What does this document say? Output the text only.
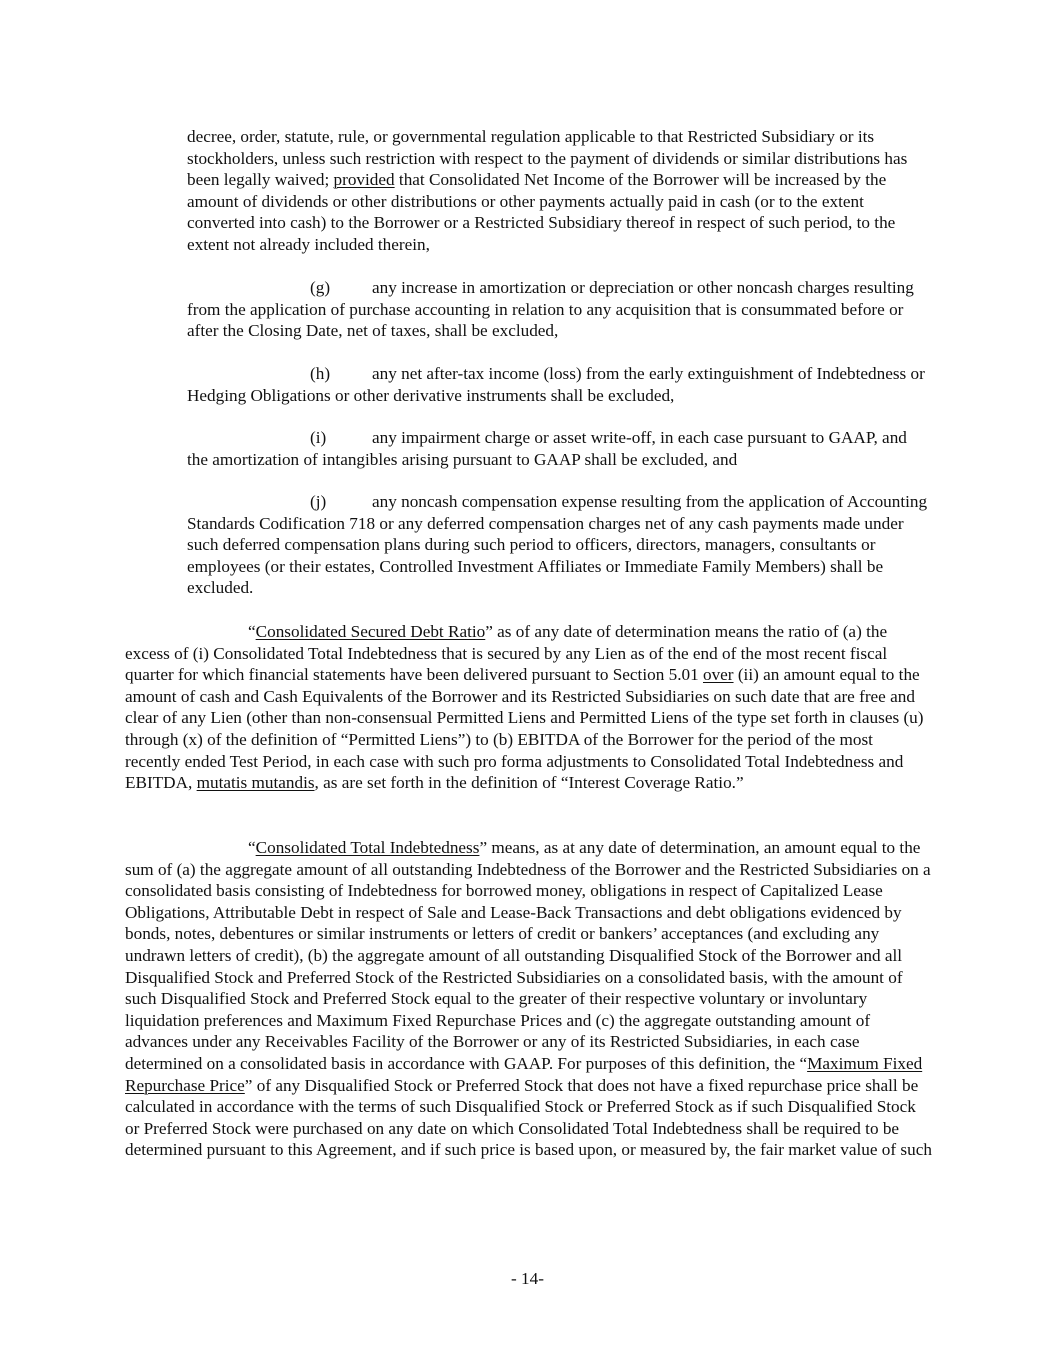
decree, order, statute, rule, or governmental regulation applicable to that Restricted Subsidiary or its stockholders, unless such restriction with respect to the payment of dividends or similar distributions has been legally waived; provided that Consolidated Net Income of the Borrower will be increased by the amount of dividends or other distributions or other payments actually paid in cash (or to the extent converted into cash) to the Borrower or a Restricted Subsidiary thereof in respect of such period, to the extent not already included therein,

(g) any increase in amortization or depreciation or other noncash charges resulting from the application of purchase accounting in relation to any acquisition that is consummated before or after the Closing Date, net of taxes, shall be excluded,

(h) any net after-tax income (loss) from the early extinguishment of Indebtedness or Hedging Obligations or other derivative instruments shall be excluded,

(i)	any impairment charge or asset write-off, in each case pursuant to GAAP, and the amortization of intangibles arising pursuant to GAAP shall be excluded, and

(j)	any noncash compensation expense resulting from the application of Accounting Standards Codification 718 or any deferred compensation charges net of any cash payments made under such deferred compensation plans during such period to officers, directors, managers, consultants or employees (or their estates, Controlled Investment Affiliates or Immediate Family Members) shall be excluded.

“Consolidated Secured Debt Ratio” as of any date of determination means the ratio of (a) the excess of (i) Consolidated Total Indebtedness that is secured by any Lien as of the end of the most recent fiscal quarter for which financial statements have been delivered pursuant to Section 5.01 over (ii) an amount equal to the amount of cash and Cash Equivalents of the Borrower and its Restricted Subsidiaries on such date that are free and clear of any Lien (other than non-consensual Permitted Liens and Permitted Liens of the type set forth in clauses (u) through (x) of the definition of “Permitted Liens”) to (b) EBITDA of the Borrower for the period of the most recently ended Test Period, in each case with such pro forma adjustments to Consolidated Total Indebtedness and EBITDA, mutatis mutandis, as are set forth in the definition of “Interest Coverage Ratio.”

“Consolidated Total Indebtedness” means, as at any date of determination, an amount equal to the sum of (a) the aggregate amount of all outstanding Indebtedness of the Borrower and the Restricted Subsidiaries on a consolidated basis consisting of Indebtedness for borrowed money, obligations in respect of Capitalized Lease Obligations, Attributable Debt in respect of Sale and Lease-Back Transactions and debt obligations evidenced by bonds, notes, debentures or similar instruments or letters of credit or bankers’ acceptances (and excluding any undrawn letters of credit), (b) the aggregate amount of all outstanding Disqualified Stock of the Borrower and all Disqualified Stock and Preferred Stock of the Restricted Subsidiaries on a consolidated basis, with the amount of such Disqualified Stock and Preferred Stock equal to the greater of their respective voluntary or involuntary liquidation preferences and Maximum Fixed Repurchase Prices and (c) the aggregate outstanding amount of advances under any Receivables Facility of the Borrower or any of its Restricted Subsidiaries, in each case determined on a consolidated basis in accordance with GAAP. For purposes of this definition, the “Maximum Fixed Repurchase Price” of any Disqualified Stock or Preferred Stock that does not have a fixed repurchase price shall be calculated in accordance with the terms of such Disqualified Stock or Preferred Stock as if such Disqualified Stock or Preferred Stock were purchased on any date on which Consolidated Total Indebtedness shall be required to be determined pursuant to this Agreement, and if such price is based upon, or measured by, the fair market value of such

- 14-
